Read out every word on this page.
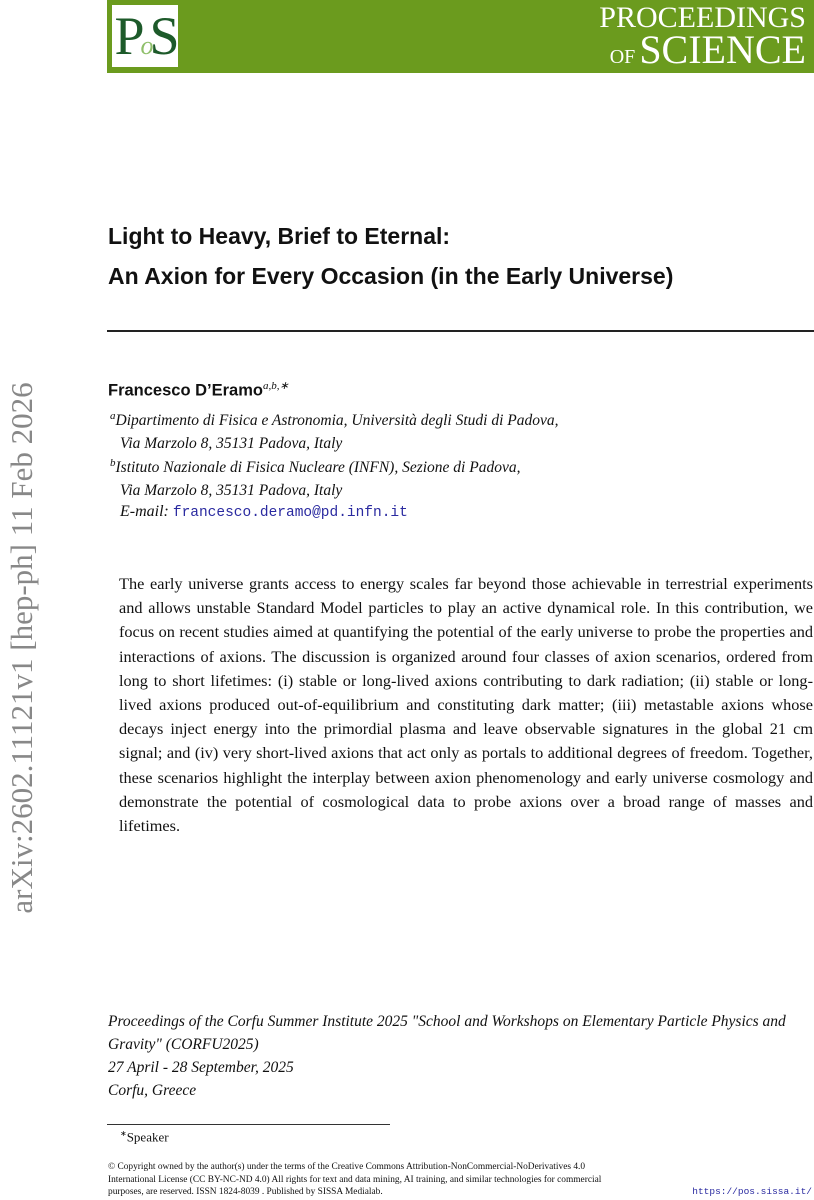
PoS	PROCEEDINGS
OF SCIENCE
arXiv:2602.11121v1 [hep-ph] 11 Feb 2026
Light to Heavy, Brief to Eternal:
An Axion for Every Occasion (in the Early Universe)
Francesco D’Eramo$^{a,b,∗}$
$^a$Dipartimento di Fisica e Astronomia, Università degli Studi di Padova,
Via Marzolo 8, 35131 Padova, Italy
$^b$Istituto Nazionale di Fisica Nucleare (INFN), Sezione di Padova,
Via Marzolo 8, 35131 Padova, Italy
E-mail: francesco.deramo@pd.infn.it
The early universe grants access to energy scales far beyond those achievable in terrestrial experiments and allows unstable Standard Model particles to play an active dynamical role. In this contribution, we focus on recent studies aimed at quantifying the potential of the early universe to probe the properties and interactions of axions. The discussion is organized around four classes of axion scenarios, ordered from long to short lifetimes: (i) stable or long-lived axions contributing to dark radiation; (ii) stable or long-lived axions produced out-of-equilibrium and constituting dark matter; (iii) metastable axions whose decays inject energy into the primordial plasma and leave observable signatures in the global 21 cm signal; and (iv) very short-lived axions that act only as portals to additional degrees of freedom. Together, these scenarios highlight the interplay between axion phenomenology and early universe cosmology and demonstrate the potential of cosmological data to probe axions over a broad range of masses and lifetimes.
Proceedings of the Corfu Summer Institute 2025 "School and Workshops on Elementary Particle Physics and Gravity" (CORFU2025)
27 April - 28 September, 2025
Corfu, Greece
∗Speaker
© Copyright owned by the author(s) under the terms of the Creative Commons Attribution-NonCommercial-NoDerivatives 4.0 International License (CC BY-NC-ND 4.0) All rights for text and data mining, AI training, and similar technologies for commercial purposes, are reserved. ISSN 1824-8039 . Published by SISSA Medialab.	https://pos.sissa.it/
